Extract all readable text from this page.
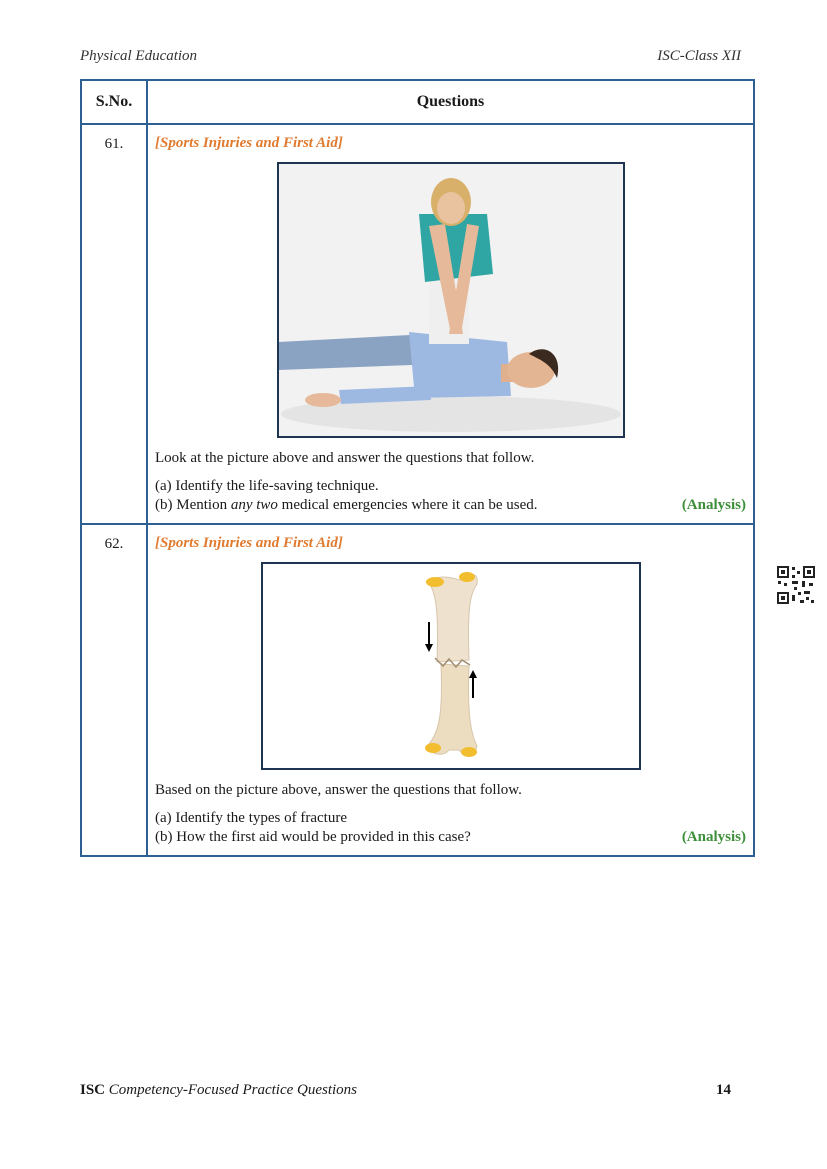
Physical Education	ISC-Class XII
S.No.	Questions
61.	[Sports Injuries and First Aid]
Look at the picture above and answer the questions that follow.
(a) Identify the life-saving technique.
(b) Mention any two medical emergencies where it can be used. (Analysis)

62.	[Sports Injuries and First Aid]
Based on the picture above, answer the questions that follow.
(a) Identify the types of fracture
(b) How the first aid would be provided in this case? (Analysis)
ISC Competency-Focused Practice Questions	14
